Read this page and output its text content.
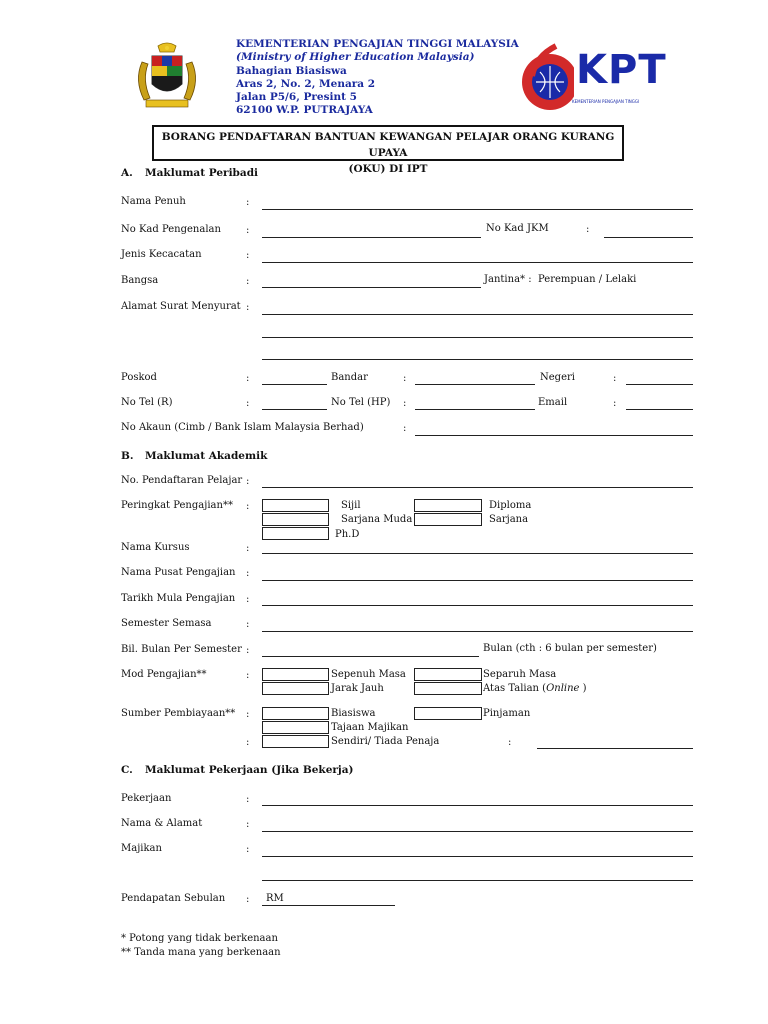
KEMENTERIAN PENGAJIAN TINGGI MALAYSIA
(Ministry of Higher Education Malaysia)
Bahagian Biasiswa
Aras 2, No. 2, Menara 2
Jalan P5/6, Presint 5
62100 W.P. PUTRAJAYA
KPT
KEMENTERIAN PENGAJIAN TINGGI
BORANG PENDAFTARAN BANTUAN KEWANGAN PELAJAR ORANG KURANG UPAYA
(OKU) DI IPT
A. Maklumat Peribadi
Nama Penuh	:
No Kad Pengenalan	:	No Kad JKM	:
Jenis Kecacatan	:
Bangsa	:	Jantina* : Perempuan / Lelaki
Alamat Surat Menyurat :
Poskod	:	Bandar	:	Negeri	:
No Tel (R)	:	No Tel (HP) :	Email	:
No Akaun (Cimb / Bank Islam Malaysia Berhad)	:
B. Maklumat Akademik
No. Pendaftaran Pelajar :
Peringkat Pengajian** :	Sijil	Diploma
Sarjana Muda	Sarjana
Ph.D
Nama Kursus	:
Nama Pusat Pengajian :
Tarikh Mula Pengajian :
Semester Semasa	:
Bil. Bulan Per Semester :	Bulan (cth : 6 bulan per semester)
Mod Pengajian**	:	Sepenuh Masa	Separuh Masa
Jarak Jauh	Atas Talian (Online )
Sumber Pembiayaan** :	Biasiswa	Pinjaman
Tajaan Majikan
:	Sendiri/ Tiada Penaja	:
C. Maklumat Pekerjaan (Jika Bekerja)
Pekerjaan	:
Nama & Alamat	:
Majikan	:
Pendapatan Sebulan : RM
* Potong yang tidak berkenaan
** Tanda mana yang berkenaan
